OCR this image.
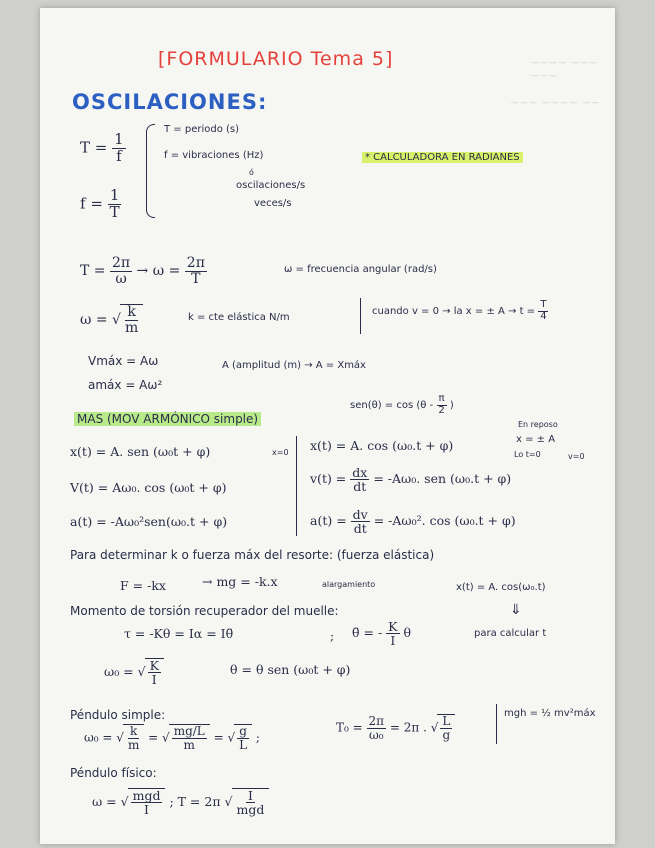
~~~~ ~~~ ~~~
~~~ ~~~~ ~~
[FORMULARIO Tema 5]
OSCILACIONES:
$T = \frac{1}{f}$
$f = \frac{1}{T}$
T = periodo (s)
f = vibraciones (Hz)
ó
oscilaciones/s
veces/s
* CALCULADORA EN RADIANES
$T = \frac{2\pi}{\omega} \to \omega = \frac{2\pi}{T}$	ω = frecuencia angular (rad/s)
ω = √ $\frac{k}{m}$	k = cte elástica N/m
cuando v = 0 → la x = ± $A \to t = \frac{T}{4}$
Vmáx = Aω
amáx = Aω²
A (amplitud (m) → A = Xmáx
$sen(\theta) = \cos (\theta - \frac{\pi}{2}$ )
MAS (MOV ARMÓNICO simple)
x(t) = A. sen (ω₀t + φ)	x=0
V(t) = Aω₀. cos (ω₀t + φ)
a(t) = -Aω₀²sen(ω₀.t + φ)
x(t) = A. cos (ω₀.t + φ)
$v(t) = \frac{dx}{dt} = -A\omega_0$. sen (ω₀.t + φ)
$a(t) = \frac{dv}{dt} = -A\omega_0^2$. cos (ω₀.t + φ)
En reposo
x = ± A
Lo t=0	v=0
Para determinar k o fuerza máx del resorte: (fuerza elástica)
F = -kx	→ mg = -k.x	alargamiento	x(t) = A. cos(ω₀.t)
⇓
para calcular t
Momento de torsión recuperador del muelle:
τ = -Kθ = Iα = Iθ̈	; θ̈ = - $\frac{K}{I}$ θ
ω₀ = √ $\frac{K}{I}$	θ = θ sen (ω₀t + φ)
Péndulo simple:
ω₀ = √ $\frac{k}{m}$ = √ $\frac{mg/L}{m}$ = √ $\frac{g}{L}$ ;
$T_0 = \frac{2\pi}{\text{ω₀}} = 2\pi$ . √ $\frac{L}{g}$
mgh = ½ mv²máx
Péndulo físico:
ω = √ $\frac{\text{mgd}}{I}$ ; T = 2π √ $\frac{I}{\text{mgd}}$
